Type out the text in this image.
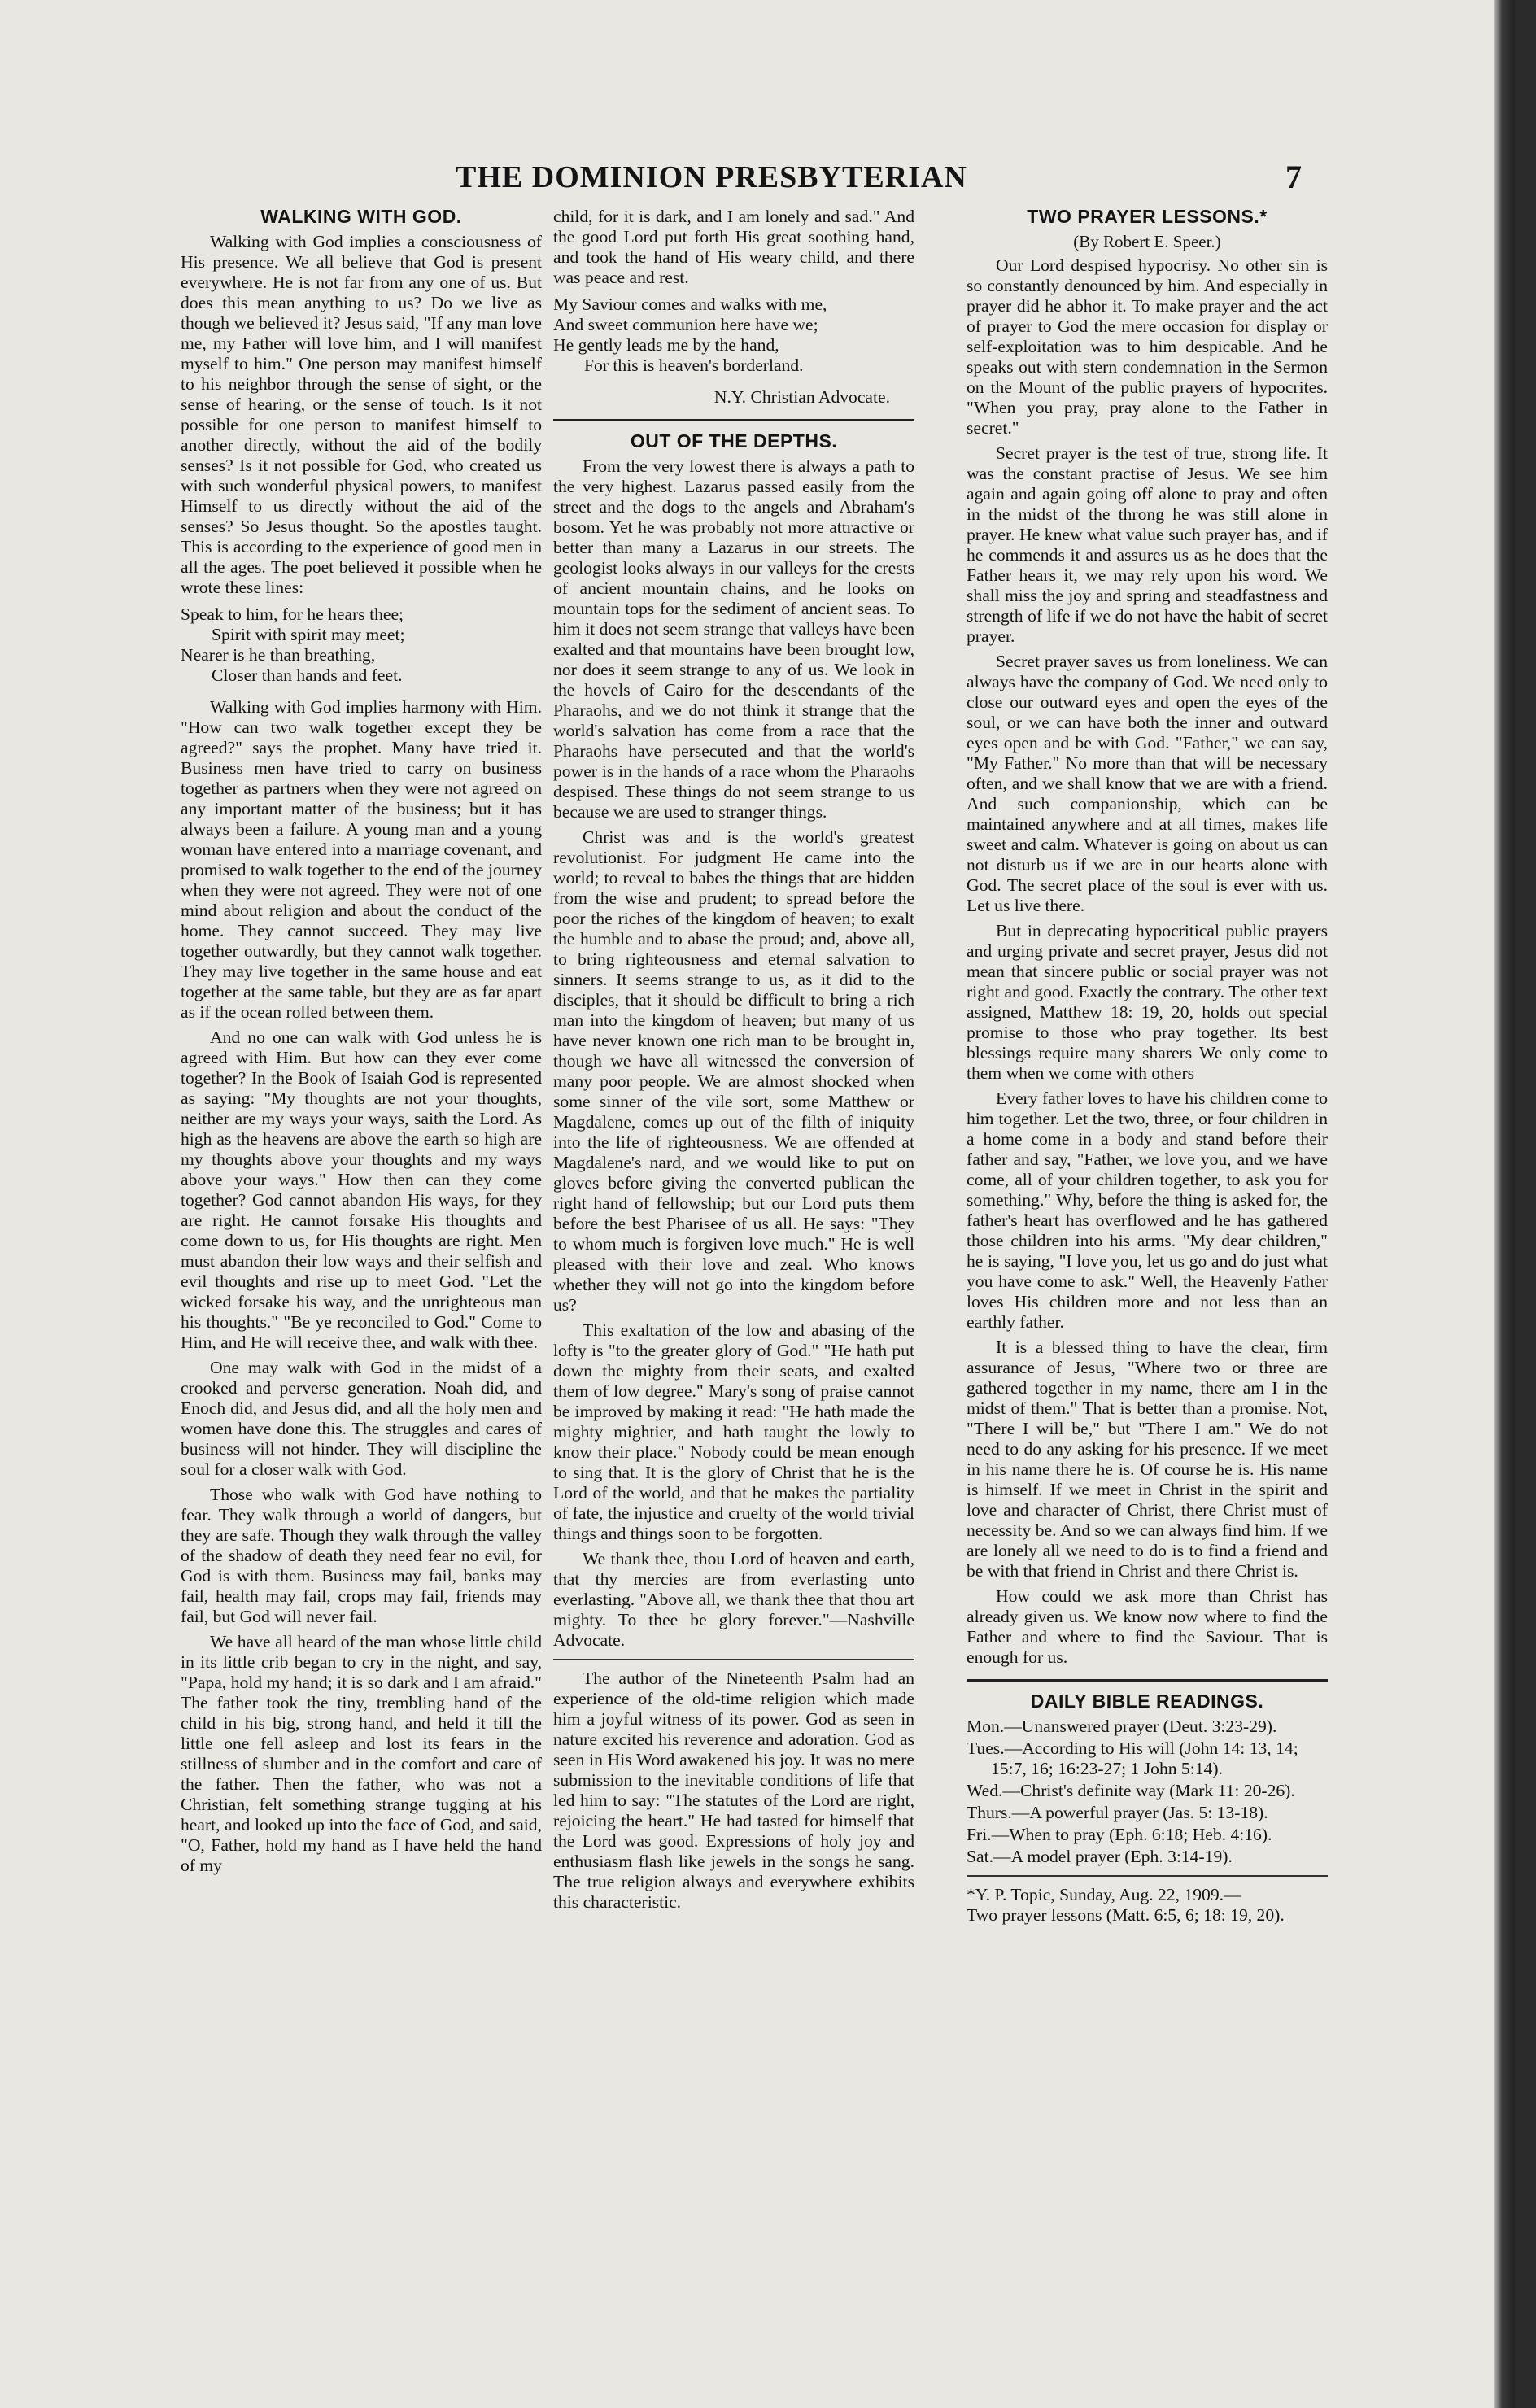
THE DOMINION PRESBYTERIAN	7
WALKING WITH GOD.

Walking with God implies a consciousness of His presence. We all believe that God is present everywhere. He is not far from any one of us. But does this mean anything to us? Do we live as though we believed it? Jesus said, "If any man love me, my Father will love him, and I will manifest myself to him." One person may manifest himself to his neighbor through the sense of sight, or the sense of hearing, or the sense of touch. Is it not possible for one person to manifest himself to another directly, without the aid of the bodily senses? Is it not possible for God, who created us with such wonderful physical powers, to manifest Himself to us directly without the aid of the senses? So Jesus thought. So the apostles taught. This is according to the experience of good men in all the ages. The poet believed it possible when he wrote these lines:

Speak to him, for he hears thee;
Spirit with spirit may meet;
Nearer is he than breathing,
Closer than hands and feet.

Walking with God implies harmony with Him. "How can two walk together except they be agreed?" says the prophet. Many have tried it. Business men have tried to carry on business together as partners when they were not agreed on any important matter of the business; but it has always been a failure. A young man and a young woman have entered into a marriage covenant, and promised to walk together to the end of the journey when they were not agreed. They were not of one mind about religion and about the conduct of the home. They cannot succeed. They may live together outwardly, but they cannot walk together. They may live together in the same house and eat together at the same table, but they are as far apart as if the ocean rolled between them.

And no one can walk with God unless he is agreed with Him. But how can they ever come together? In the Book of Isaiah God is represented as saying: "My thoughts are not your thoughts, neither are my ways your ways, saith the Lord. As high as the heavens are above the earth so high are my thoughts above your thoughts and my ways above your ways." How then can they come together? God cannot abandon His ways, for they are right. He cannot forsake His thoughts and come down to us, for His thoughts are right. Men must abandon their low ways and their selfish and evil thoughts and rise up to meet God. "Let the wicked forsake his way, and the unrighteous man his thoughts." "Be ye reconciled to God." Come to Him, and He will receive thee, and walk with thee.

One may walk with God in the midst of a crooked and perverse generation. Noah did, and Enoch did, and Jesus did, and all the holy men and women have done this. The struggles and cares of business will not hinder. They will discipline the soul for a closer walk with God.

Those who walk with God have nothing to fear. They walk through a world of dangers, but they are safe. Though they walk through the valley of the shadow of death they need fear no evil, for God is with them. Business may fail, banks may fail, health may fail, crops may fail, friends may fail, but God will never fail.

We have all heard of the man whose little child in its little crib began to cry in the night, and say, "Papa, hold my hand; it is so dark and I am afraid." The father took the tiny, trembling hand of the child in his big, strong hand, and held it till the little one fell asleep and lost its fears in the stillness of slumber and in the comfort and care of the father. Then the father, who was not a Christian, felt something strange tugging at his heart, and looked up into the face of God, and said, "O, Father, hold my hand as I have held the hand of my

child, for it is dark, and I am lonely and sad." And the good Lord put forth His great soothing hand, and took the hand of His weary child, and there was peace and rest.

My Saviour comes and walks with me,
And sweet communion here have we;
He gently leads me by the hand,
For this is heaven's borderland.
N.Y. Christian Advocate.
OUT OF THE DEPTHS.

From the very lowest there is always a path to the very highest. Lazarus passed easily from the street and the dogs to the angels and Abraham's bosom. Yet he was probably not more attractive or better than many a Lazarus in our streets. The geologist looks always in our valleys for the crests of ancient mountain chains, and he looks on mountain tops for the sediment of ancient seas. To him it does not seem strange that valleys have been exalted and that mountains have been brought low, nor does it seem strange to any of us. We look in the hovels of Cairo for the descendants of the Pharaohs, and we do not think it strange that the world's salvation has come from a race that the Pharaohs have persecuted and that the world's power is in the hands of a race whom the Pharaohs despised. These things do not seem strange to us because we are used to stranger things.

Christ was and is the world's greatest revolutionist. For judgment He came into the world; to reveal to babes the things that are hidden from the wise and prudent; to spread before the poor the riches of the kingdom of heaven; to exalt the humble and to abase the proud; and, above all, to bring righteousness and eternal salvation to sinners. It seems strange to us, as it did to the disciples, that it should be difficult to bring a rich man into the kingdom of heaven; but many of us have never known one rich man to be brought in, though we have all witnessed the conversion of many poor people. We are almost shocked when some sinner of the vile sort, some Matthew or Magdalene, comes up out of the filth of iniquity into the life of righteousness. We are offended at Magdalene's nard, and we would like to put on gloves before giving the converted publican the right hand of fellowship; but our Lord puts them before the best Pharisee of us all. He says: "They to whom much is forgiven love much." He is well pleased with their love and zeal. Who knows whether they will not go into the kingdom before us?

This exaltation of the low and abasing of the lofty is "to the greater glory of God." "He hath put down the mighty from their seats, and exalted them of low degree." Mary's song of praise cannot be improved by making it read: "He hath made the mighty mightier, and hath taught the lowly to know their place." Nobody could be mean enough to sing that. It is the glory of Christ that he is the Lord of the world, and that he makes the partiality of fate, the injustice and cruelty of the world trivial things and things soon to be forgotten.

We thank thee, thou Lord of heaven and earth, that thy mercies are from everlasting unto everlasting. "Above all, we thank thee that thou art mighty. To thee be glory forever."—Nashville Advocate.

The author of the Nineteenth Psalm had an experience of the old-time religion which made him a joyful witness of its power. God as seen in nature excited his reverence and adoration. God as seen in His Word awakened his joy. It was no mere submission to the inevitable conditions of life that led him to say: "The statutes of the Lord are right, rejoicing the heart." He had tasted for himself that the Lord was good. Expressions of holy joy and enthusiasm flash like jewels in the songs he sang. The true religion always and everywhere exhibits this characteristic.

TWO PRAYER LESSONS.*
(By Robert E. Speer.)

Our Lord despised hypocrisy. No other sin is so constantly denounced by him. And especially in prayer did he abhor it. To make prayer and the act of prayer to God the mere occasion for display or self-exploitation was to him despicable. And he speaks out with stern condemnation in the Sermon on the Mount of the public prayers of hypocrites. "When you pray, pray alone to the Father in secret."

Secret prayer is the test of true, strong life. It was the constant practise of Jesus. We see him again and again going off alone to pray and often in the midst of the throng he was still alone in prayer. He knew what value such prayer has, and if he commends it and assures us as he does that the Father hears it, we may rely upon his word. We shall miss the joy and spring and steadfastness and strength of life if we do not have the habit of secret prayer.

Secret prayer saves us from loneliness. We can always have the company of God. We need only to close our outward eyes and open the eyes of the soul, or we can have both the inner and outward eyes open and be with God. "Father," we can say, "My Father." No more than that will be necessary often, and we shall know that we are with a friend. And such companionship, which can be maintained anywhere and at all times, makes life sweet and calm. Whatever is going on about us can not disturb us if we are in our hearts alone with God. The secret place of the soul is ever with us. Let us live there.

But in deprecating hypocritical public prayers and urging private and secret prayer, Jesus did not mean that sincere public or social prayer was not right and good. Exactly the contrary. The other text assigned, Matthew 18: 19, 20, holds out special promise to those who pray together. Its best blessings require many sharers We only come to them when we come with others

Every father loves to have his children come to him together. Let the two, three, or four children in a home come in a body and stand before their father and say, "Father, we love you, and we have come, all of your children together, to ask you for something." Why, before the thing is asked for, the father's heart has overflowed and he has gathered those children into his arms. "My dear children," he is saying, "I love you, let us go and do just what you have come to ask." Well, the Heavenly Father loves His children more and not less than an earthly father.

It is a blessed thing to have the clear, firm assurance of Jesus, "Where two or three are gathered together in my name, there am I in the midst of them." That is better than a promise. Not, "There I will be," but "There I am." We do not need to do any asking for his presence. If we meet in his name there he is. Of course he is. His name is himself. If we meet in Christ in the spirit and love and character of Christ, there Christ must of necessity be. And so we can always find him. If we are lonely all we need to do is to find a friend and be with that friend in Christ and there Christ is.

How could we ask more than Christ has already given us. We know now where to find the Father and where to find the Saviour. That is enough for us.

DAILY BIBLE READINGS.
Mon.—Unanswered prayer (Deut. 3:23-29).
Tues.—According to His will (John 14: 13, 14; 15:7, 16; 16:23-27; 1 John 5:14).
Wed.—Christ's definite way (Mark 11: 20-26).
Thurs.—A powerful prayer (Jas. 5: 13-18).
Fri.—When to pray (Eph. 6:18; Heb. 4:16).
Sat.—A model prayer (Eph. 3:14-19).
*Y. P. Topic, Sunday, Aug. 22, 1909.—
Two prayer lessons (Matt. 6:5, 6; 18: 19, 20).
